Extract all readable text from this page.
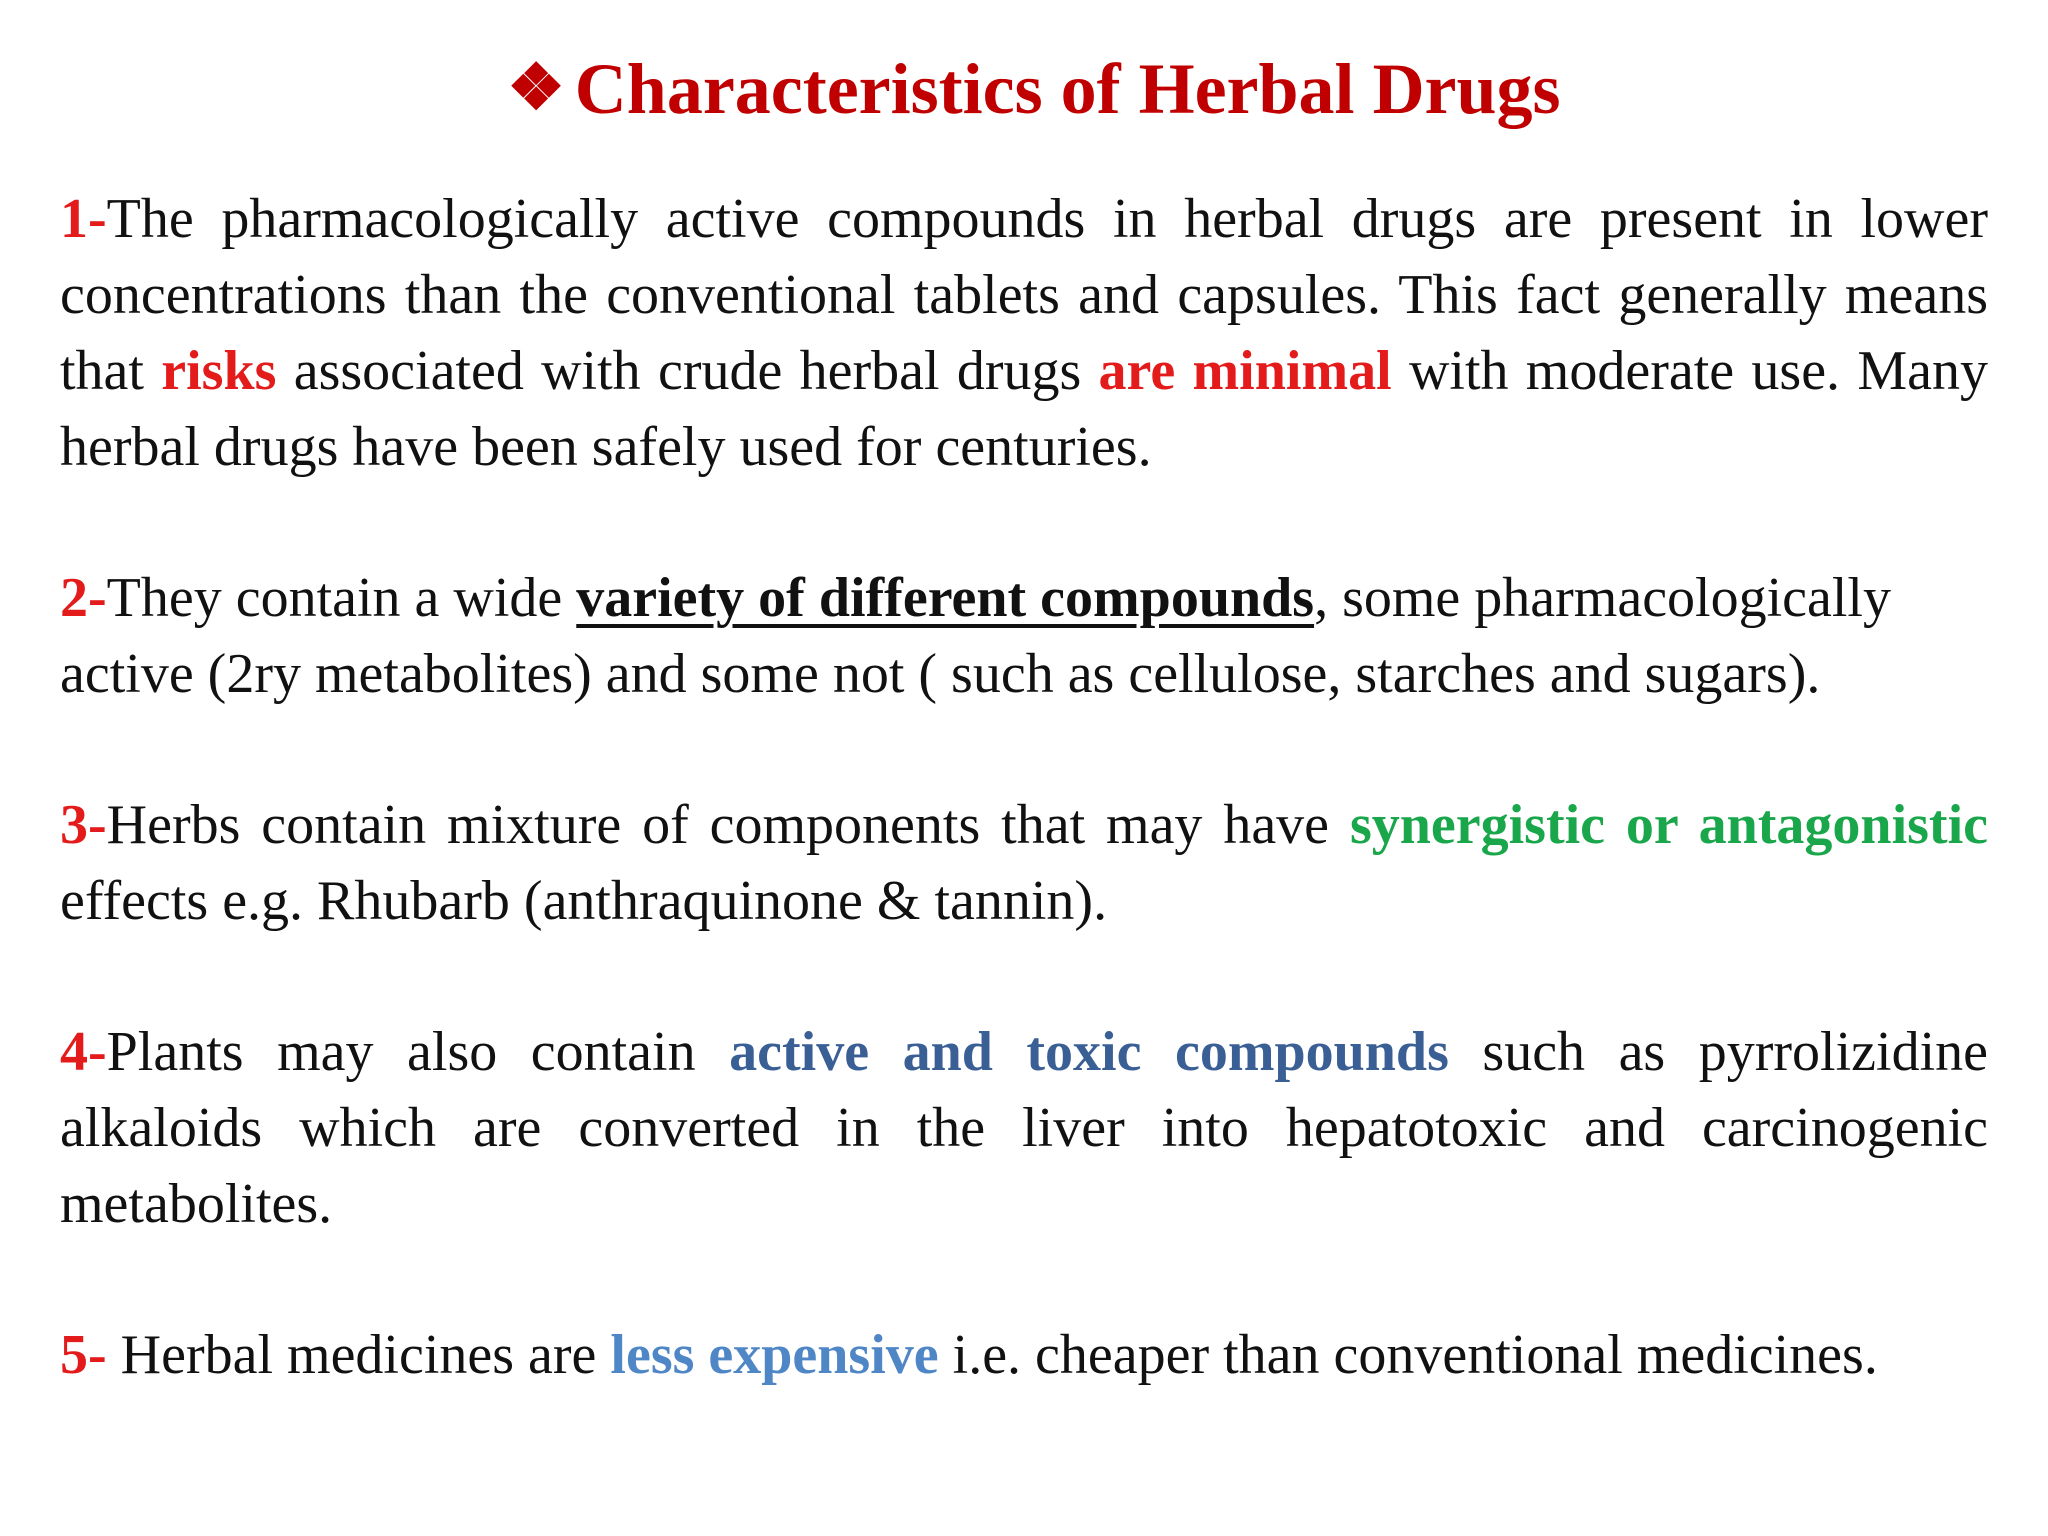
❖ Characteristics of Herbal Drugs
1-The pharmacologically active compounds in herbal drugs are present in lower concentrations than the conventional tablets and capsules. This fact generally means that risks associated with crude herbal drugs are minimal with moderate use. Many herbal drugs have been safely used for centuries.
2-They contain a wide variety of different compounds, some pharmacologically active (2ry metabolites) and some not ( such as cellulose, starches and sugars).
3-Herbs contain mixture of components that may have synergistic or antagonistic effects e.g. Rhubarb (anthraquinone & tannin).
4-Plants may also contain active and toxic compounds such as pyrrolizidine alkaloids which are converted in the liver into hepatotoxic and carcinogenic metabolites.
5- Herbal medicines are less expensive i.e. cheaper than conventional medicines.
